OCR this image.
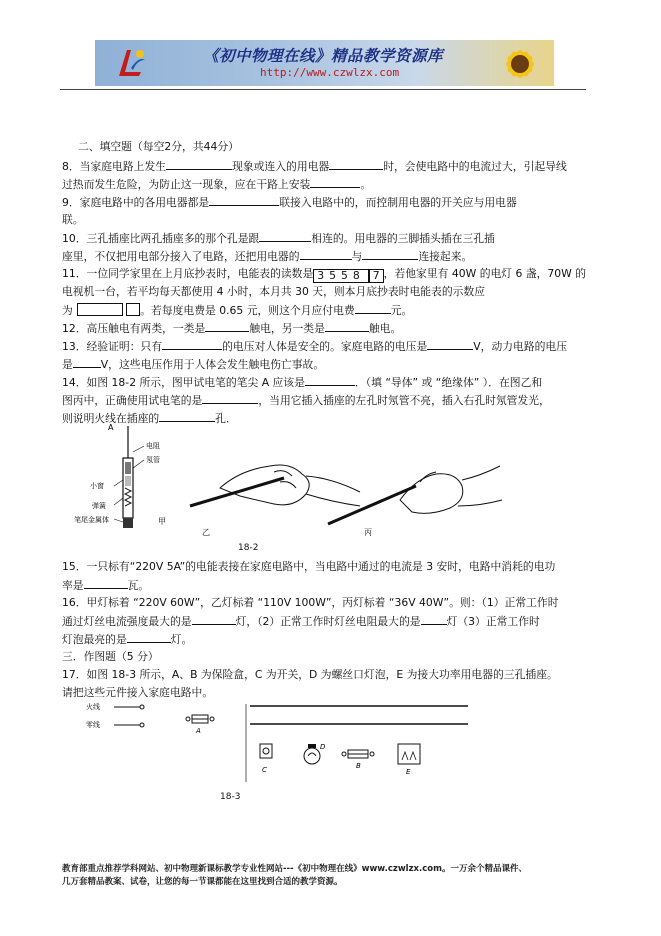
《初中物理在线》精品教学资源库
http://www.czwlzx.com
二、填空题（每空2分，共44分）
8．当家庭电路上发生	现象或连入的用电器	时，会使电路中的电流过大，引起导线
过热而发生危险，为防止这一现象，应在干路上安装	。
9．家庭电路中的各用电器都是	联接入电路中的，而控制用电器的开关应与用电器
联。
10．三孔插座比两孔插座多的那个孔是跟	相连的。用电器的三脚插头插在三孔插
座里，不仅把用电部分接入了电路，还把用电器的	与	连接起来。
11．一位同学家里在上月底抄表时，电能表的读数是 3558 7 ，若他家里有 40W 的电灯 6 盏，70W 的
电视机一台，若平均每天都使用 4 小时，本月共 30 天，则本月底抄表时电能表的示数应
为	。若每度电费是 0.65 元，则这个月应付电费	元。
12．高压触电有两类，一类是	触电，另一类是	触电。
13．经验证明：只有	的电压对人体是安全的。家庭电路的电压是	V，动力电路的电压
是	V，这些电压作用于人体会发生触电伤亡事故。
14．如图 18-2 所示，图甲试电笔的笔尖 A 应该是	．（填 “导体” 或 “绝缘体” ）．在图乙和
图丙中，正确使用试电笔的是	，当用它插入插座的左孔时氖管不亮，插入右孔时氖管发光，
则说明火线在插座的	孔．
A
电阻
氖管
小窗
弹簧
笔尾金属体	甲
乙	丙
18-2
15．一只标有“220V 5A”的电能表接在家庭电路中，当电路中通过的电流是 3 安时，电路中消耗的电功
率是	瓦。
16．甲灯标着 “220V 60W”，乙灯标着 “110V 100W”，丙灯标着 “36V 40W”。则：（1）正常工作时
通过灯丝电流强度最大的是	灯，（2）正常工作时灯丝电阻最大的是 灯（3）正常工作时
灯泡最亮的是	灯。
三．作图题（5 分）
17．如图 18-3 所示，A、B 为保险盒，C 为开关，D 为螺丝口灯泡，E 为接大功率用电器的三孔插座。
请把这些元件接入家庭电路中。
火线
零线
A
C
D
B
E
18-3
教育部重点推荐学科网站、初中物理新课标教学专业性网站---《初中物理在线》www.czwlzx.com。一万余个精品课件、
几万套精品教案、试卷，让您的每一节课都能在这里找到合适的教学资源。
